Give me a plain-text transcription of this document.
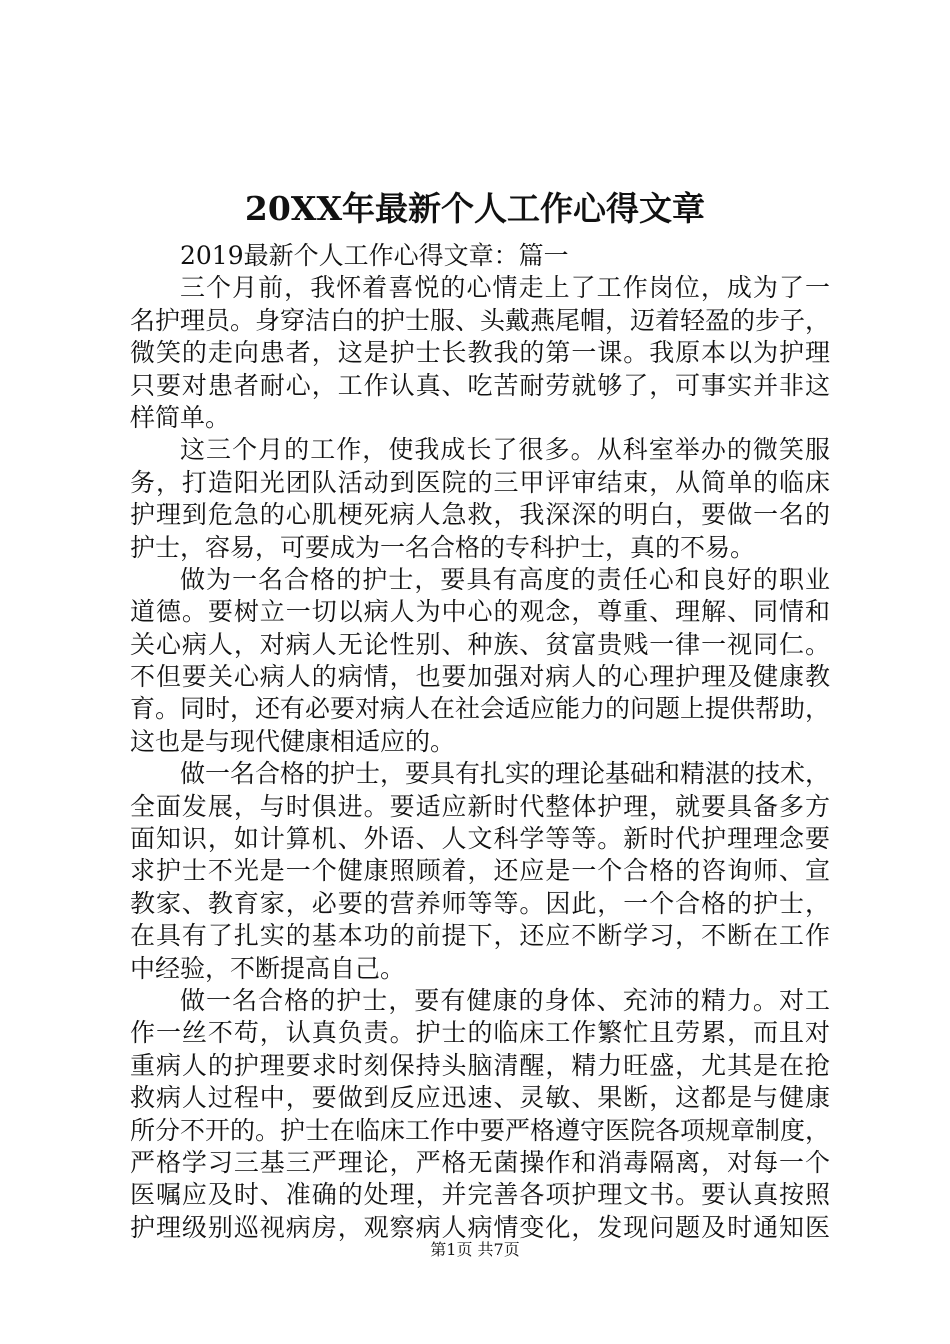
20XX年最新个人工作心得文章
2019最新个人工作心得文章：篇一
三个月前，我怀着喜悦的心情走上了工作岗位，成为了一
名护理员。身穿洁白的护士服、头戴燕尾帽，迈着轻盈的步子，
微笑的走向患者，这是护士长教我的第一课。我原本以为护理
只要对患者耐心，工作认真、吃苦耐劳就够了，可事实并非这
样简单。
这三个月的工作，使我成长了很多。从科室举办的微笑服
务，打造阳光团队活动到医院的三甲评审结束，从简单的临床
护理到危急的心肌梗死病人急救，我深深的明白，要做一名的
护士，容易，可要成为一名合格的专科护士，真的不易。
做为一名合格的护士，要具有高度的责任心和良好的职业
道德。要树立一切以病人为中心的观念，尊重、理解、同情和
关心病人，对病人无论性别、种族、贫富贵贱一律一视同仁。
不但要关心病人的病情，也要加强对病人的心理护理及健康教
育。同时，还有必要对病人在社会适应能力的问题上提供帮助，
这也是与现代健康相适应的。
做一名合格的护士，要具有扎实的理论基础和精湛的技术，
全面发展，与时俱进。要适应新时代整体护理，就要具备多方
面知识，如计算机、外语、人文科学等等。新时代护理理念要
求护士不光是一个健康照顾着，还应是一个合格的咨询师、宣
教家、教育家，必要的营养师等等。因此，一个合格的护士，
在具有了扎实的基本功的前提下，还应不断学习，不断在工作
中经验，不断提高自己。
做一名合格的护士，要有健康的身体、充沛的精力。对工
作一丝不苟，认真负责。护士的临床工作繁忙且劳累，而且对
重病人的护理要求时刻保持头脑清醒，精力旺盛，尤其是在抢
救病人过程中，要做到反应迅速、灵敏、果断，这都是与健康
所分不开的。护士在临床工作中要严格遵守医院各项规章制度，
严格学习三基三严理论，严格无菌操作和消毒隔离，对每一个
医嘱应及时、准确的处理，并完善各项护理文书。要认真按照
护理级别巡视病房，观察病人病情变化，发现问题及时通知医
第1页 共7页
